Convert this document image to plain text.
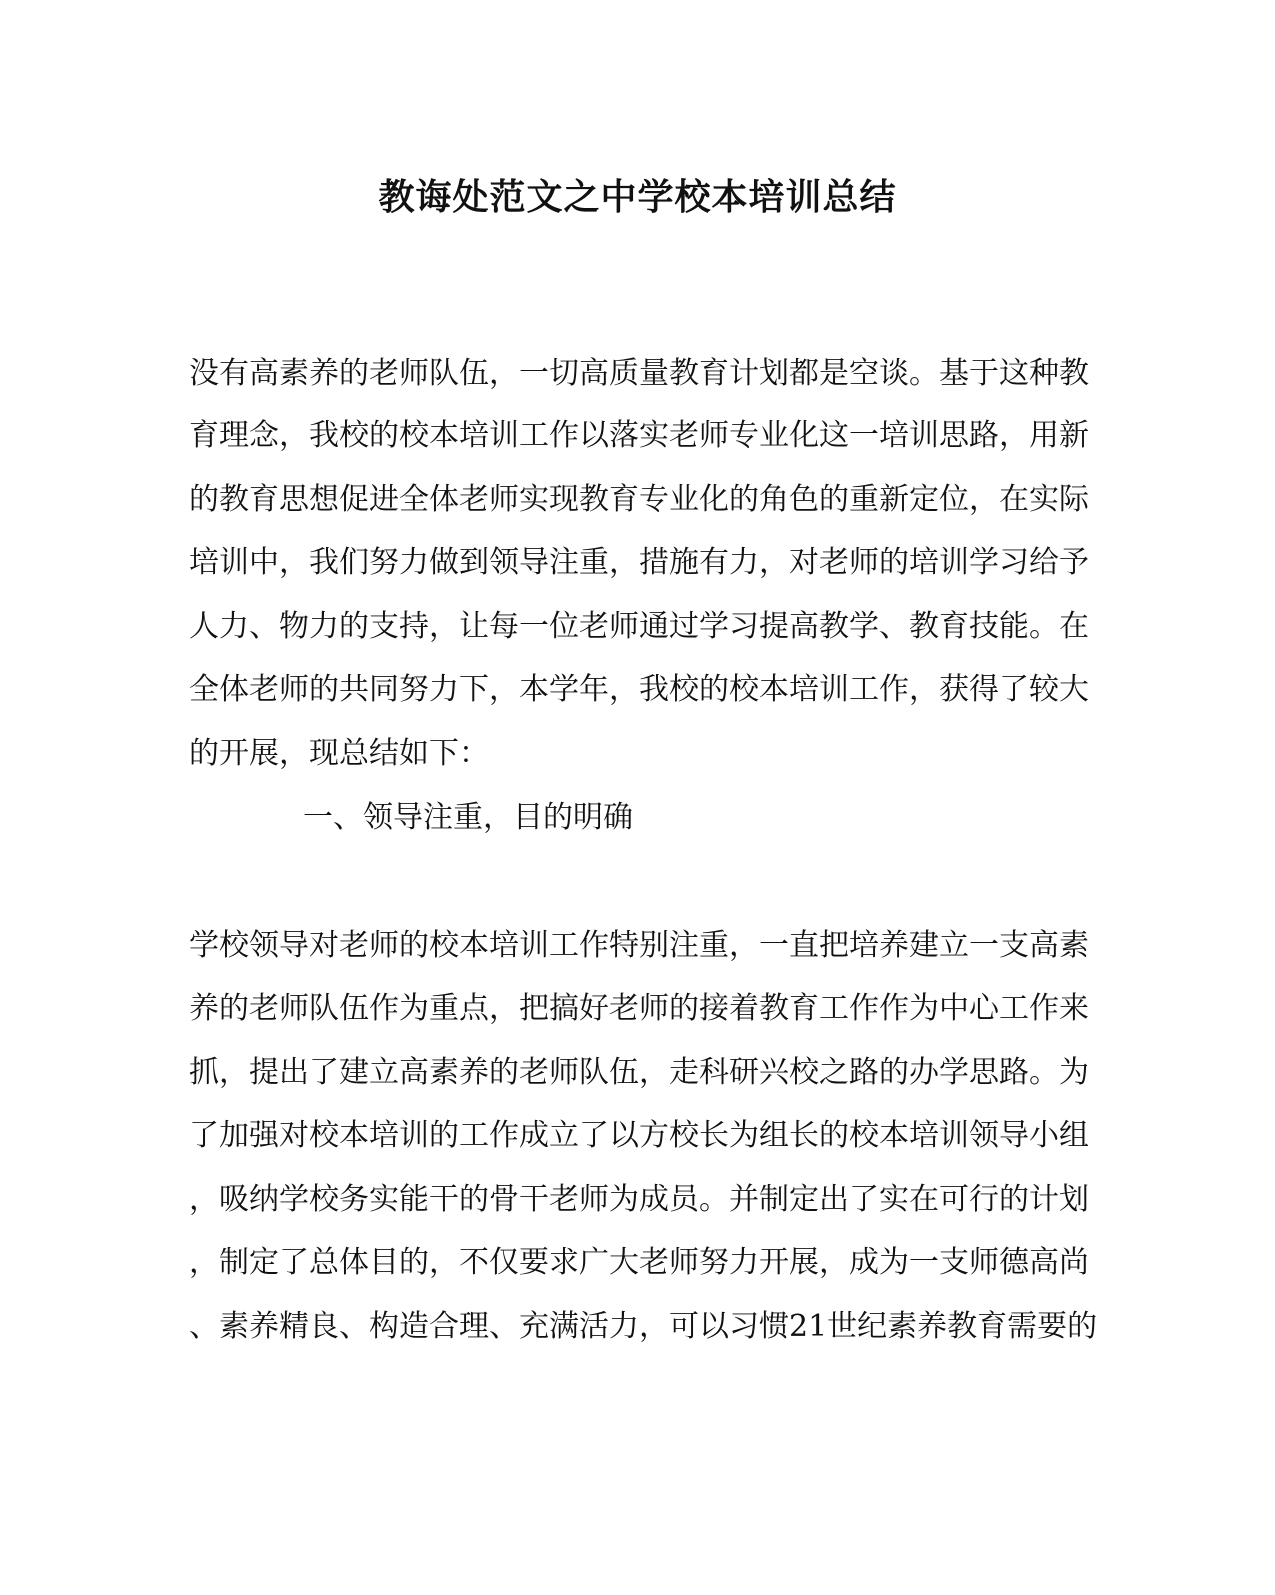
教诲处范文之中学校本培训总结
没有高素养的老师队伍，一切高质量教育计划都是空谈。基于这种教
育理念，我校的校本培训工作以落实老师专业化这一培训思路，用新
的教育思想促进全体老师实现教育专业化的角色的重新定位，在实际
培训中，我们努力做到领导注重，措施有力，对老师的培训学习给予
人力、物力的支持，让每一位老师通过学习提高教学、教育技能。在
全体老师的共同努力下，本学年，我校的校本培训工作，获得了较大
的开展，现总结如下：
一、领导注重，目的明确
学校领导对老师的校本培训工作特别注重，一直把培养建立一支高素
养的老师队伍作为重点，把搞好老师的接着教育工作作为中心工作来
抓，提出了建立高素养的老师队伍，走科研兴校之路的办学思路。为
了加强对校本培训的工作成立了以方校长为组长的校本培训领导小组
，吸纳学校务实能干的骨干老师为成员。并制定出了实在可行的计划
，制定了总体目的，不仅要求广大老师努力开展，成为一支师德高尚
、素养精良、构造合理、充满活力，可以习惯21世纪素养教育需要的
